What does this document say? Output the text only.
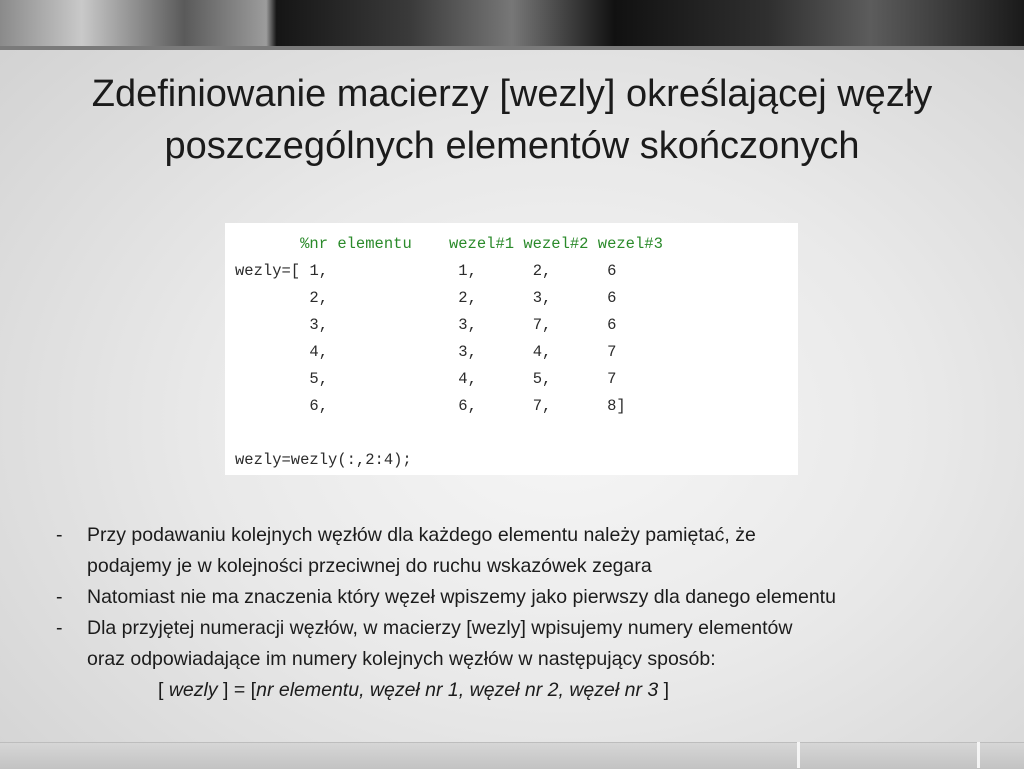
Zdefiniowanie macierzy [wezly] określającej węzły
poszczególnych elementów skończonych
%nr elementu    wezel#1 wezel#2 wezel#3
wezly=[ 1,	1,	2,	6
2,	2,	3,	6
3,	3,	7,	6
4,	3,	4,	7
5,	4,	5,	7
6,	6,	7,	8]

wezly=wezly(:,2:4);
- Przy podawaniu kolejnych węzłów dla każdego elementu należy pamiętać, że
podajemy je w kolejności przeciwnej do ruchu wskazówek zegara
- Natomiast nie ma znaczenia który węzeł wpiszemy jako pierwszy dla danego elementu
- Dla przyjętej numeracji węzłów, w macierzy [wezly] wpisujemy numery elementów
oraz odpowiadające im numery kolejnych węzłów w następujący sposób:
[ wezly ] = [nr elementu, węzeł nr 1, węzeł nr 2, węzeł nr 3 ]
